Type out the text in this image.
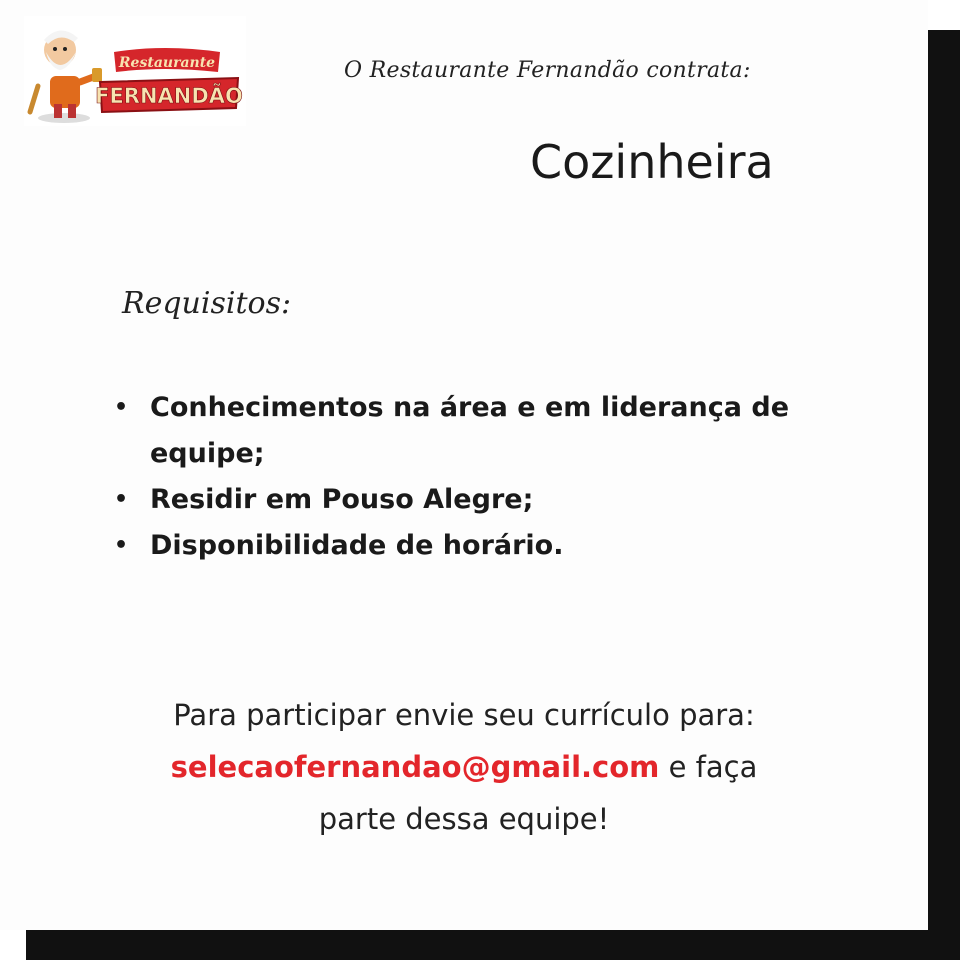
Restaurante
FERNANDÃO
O Restaurante Fernandão contrata:
Cozinheira
Requisitos:
• Conhecimentos na área e em liderança de equipe;
• Residir em Pouso Alegre;
• Disponibilidade de horário.
Para participar envie seu currículo para:
selecaofernandao@gmail.com e faça
parte dessa equipe!
